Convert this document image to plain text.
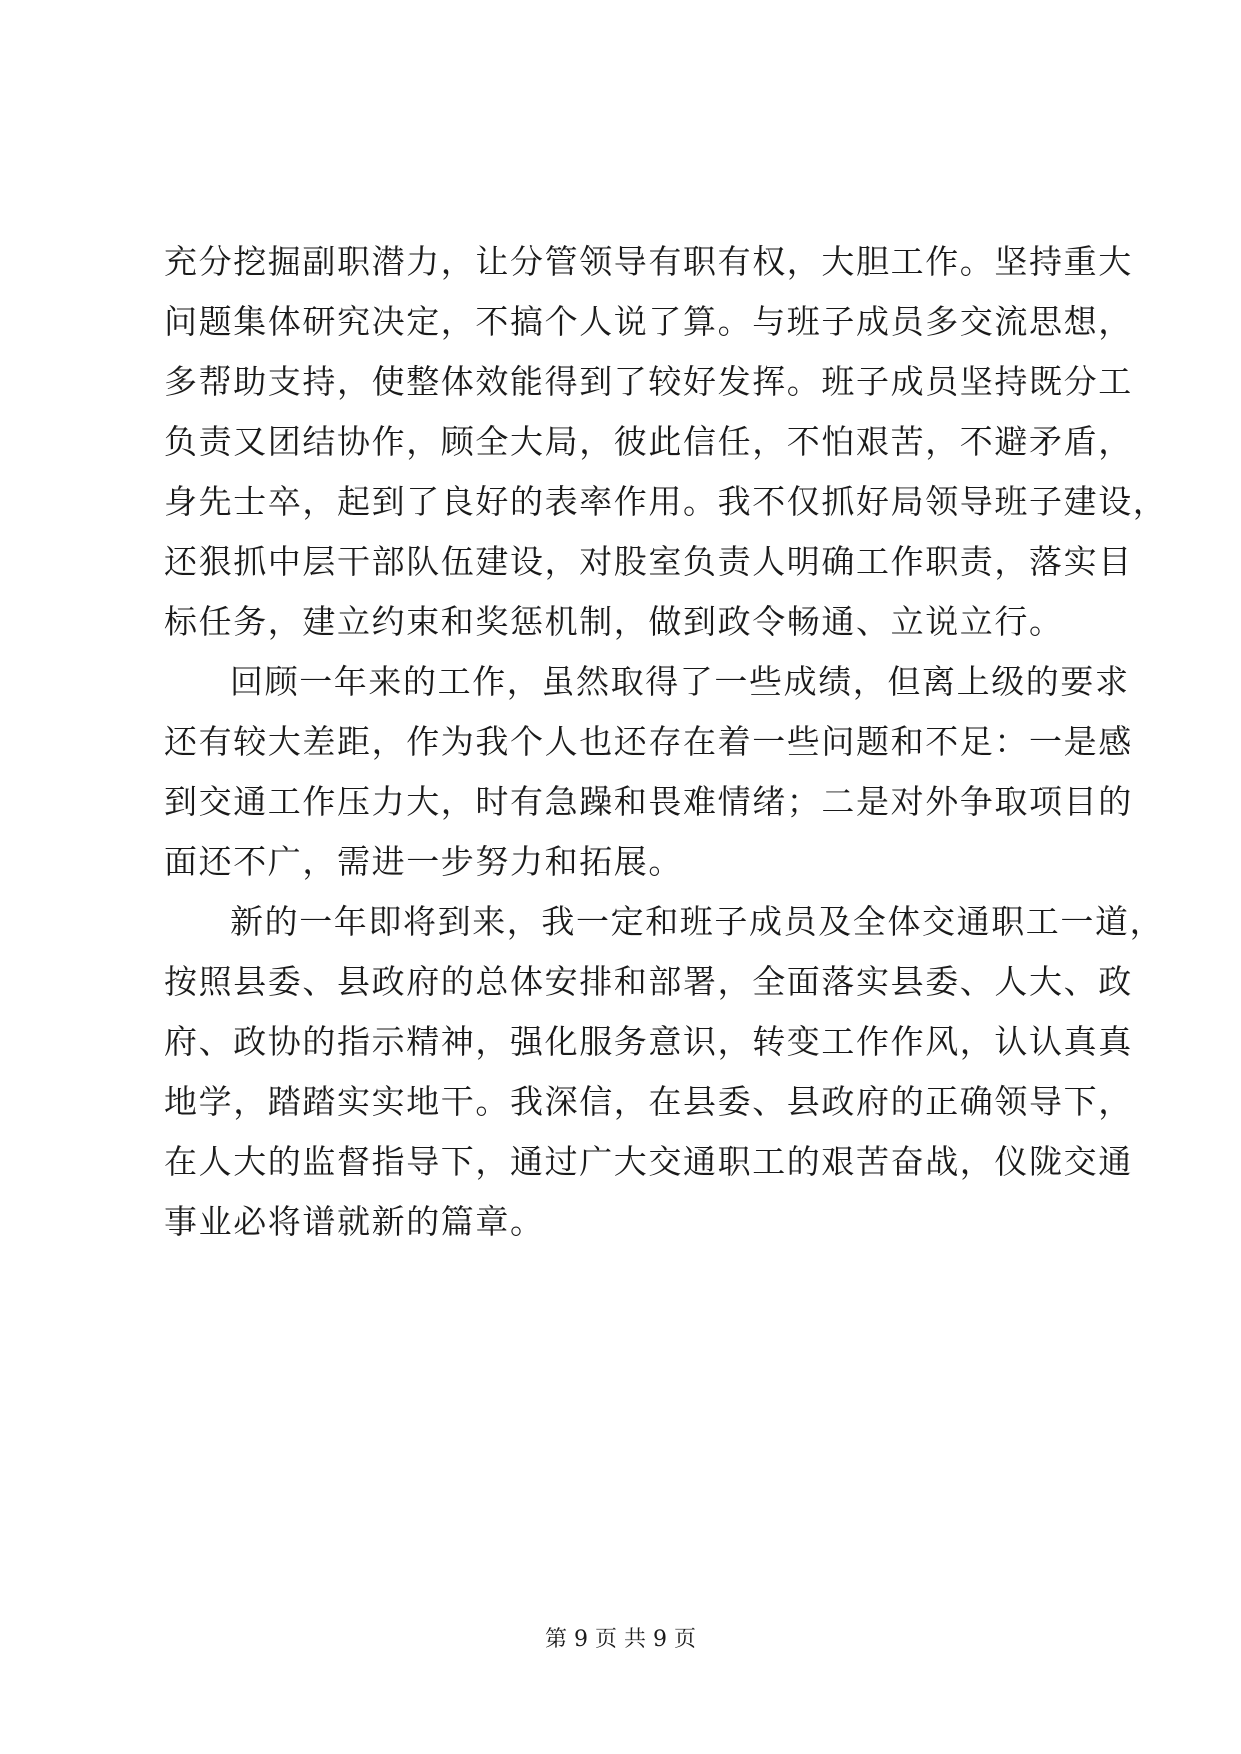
充分挖掘副职潜力，让分管领导有职有权，大胆工作。坚持重大
问题集体研究决定，不搞个人说了算。与班子成员多交流思想，
多帮助支持，使整体效能得到了较好发挥。班子成员坚持既分工
负责又团结协作，顾全大局，彼此信任，不怕艰苦，不避矛盾，
身先士卒，起到了良好的表率作用。我不仅抓好局领导班子建设，
还狠抓中层干部队伍建设，对股室负责人明确工作职责，落实目
标任务，建立约束和奖惩机制，做到政令畅通、立说立行。
回顾一年来的工作，虽然取得了一些成绩，但离上级的要求
还有较大差距，作为我个人也还存在着一些问题和不足：一是感
到交通工作压力大，时有急躁和畏难情绪；二是对外争取项目的
面还不广，需进一步努力和拓展。
新的一年即将到来，我一定和班子成员及全体交通职工一道，
按照县委、县政府的总体安排和部署，全面落实县委、人大、政
府、政协的指示精神，强化服务意识，转变工作作风，认认真真
地学，踏踏实实地干。我深信，在县委、县政府的正确领导下，
在人大的监督指导下，通过广大交通职工的艰苦奋战，仪陇交通
事业必将谱就新的篇章。
第 9 页 共 9 页
